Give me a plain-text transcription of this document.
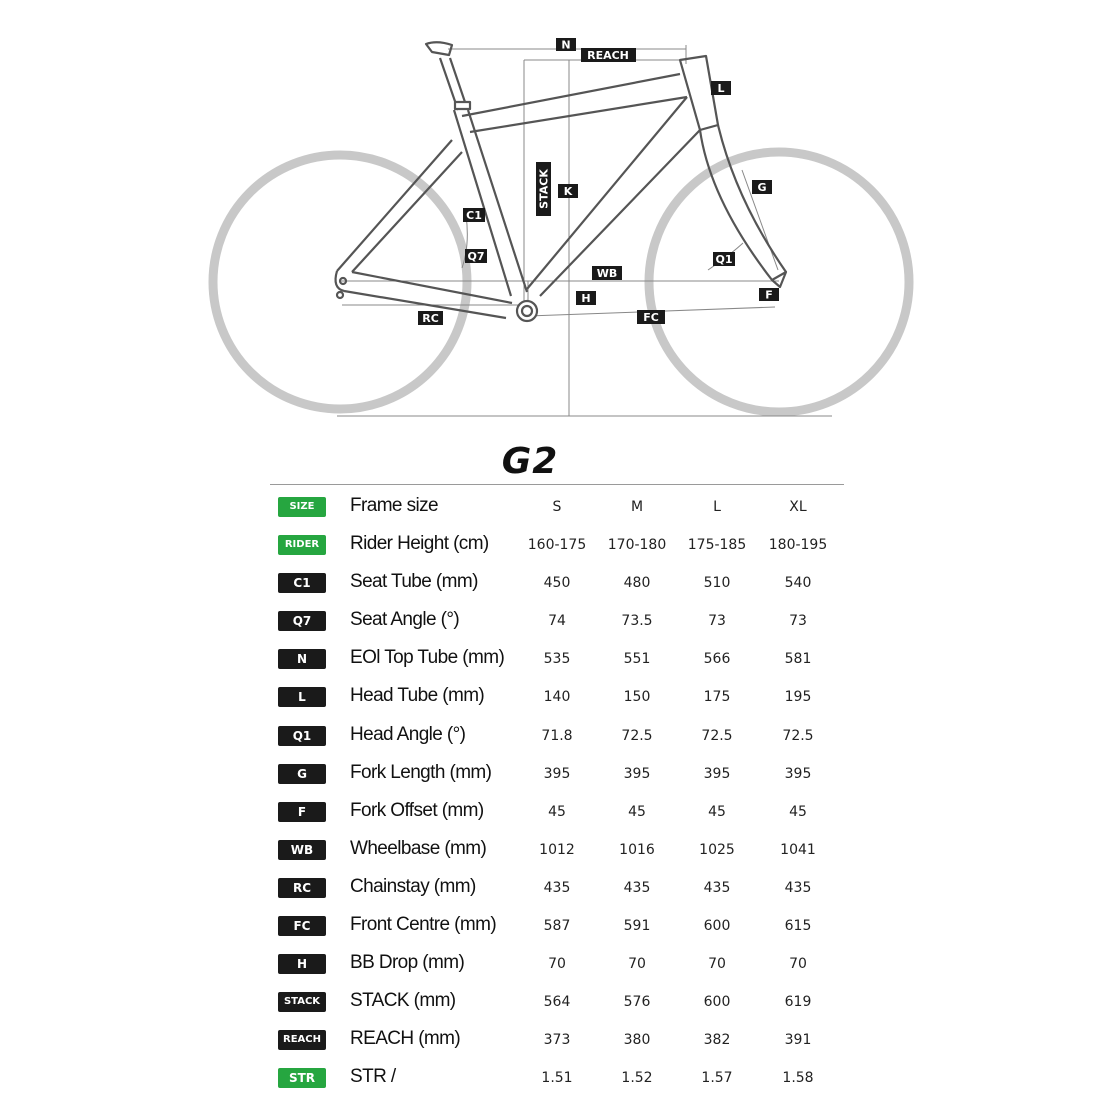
N
REACH
L
STACK K
C1
G
Q7	Q1
WB
H	F
RC	FC
G2
SIZE	Frame size	S	M	L	XL
RIDER	Rider Height (cm)	160-175	170-180	175-185	180-195
C1	Seat Tube (mm)	450	480	510	540
Q7	Seat Angle (°)	74	73.5	73	73
N	EOl Top Tube (mm)	535	551	566	581
L	Head Tube (mm)	140	150	175	195
Q1	Head Angle (°)	71.8	72.5	72.5	72.5
G	Fork Length (mm)	395	395	395	395
F	Fork Offset (mm)	45	45	45	45
WB	Wheelbase (mm)	1012	1016	1025	1041
RC	Chainstay (mm)	435	435	435	435
FC	Front Centre (mm)	587	591	600	615
H	BB Drop (mm)	70	70	70	70
STACK	STACK (mm)	564	576	600	619
REACH REACH (mm)	373	380	382	391
STR	STR /	1.51	1.52	1.57	1.58
